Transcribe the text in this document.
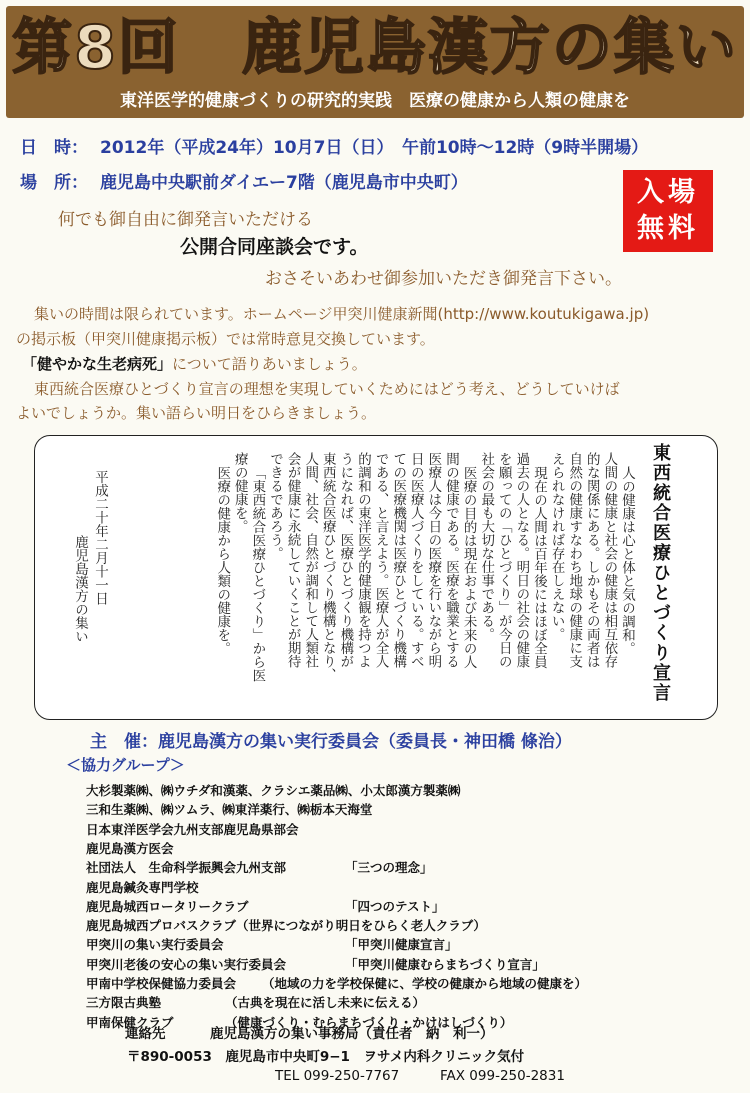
第8回　鹿児島漢方の集い
東洋医学的健康づくりの研究的実践　医療の健康から人類の健康を
日　時： 2012年（平成24年）10月7日（日）　午前10時～12時（9時半開場）
場　所： 鹿児島中央駅前ダイエー7階（鹿児島市中央町）	入場
無料
何でも御自由に御発言いただける
公開合同座談会です。
おさそいあわせ御参加いただき御発言下さい。
集いの時間は限られています。ホームページ甲突川健康新聞(http://www.koutukigawa.jp)
の掲示板（甲突川健康掲示板）では常時意見交換しています。
「健やかな生老病死」について語りあいましょう。
東西統合医療ひとづくり宣言の理想を実現していくためにはどう考え、どうしていけば
よいでしょうか。集い語らい明日をひらきましょう。
東西統合医療ひとづくり宣言
人の健康は心と体と気の調和。
人間の健康と社会の健康は相互依存
的な関係にある。しかもその両者は
自然の健康すなわち地球の健康に支
えられなければ存在しえない。
現在の人間は百年後にはほぼ全員
過去の人となる。明日の社会の健康
を願っての「ひとづくり」が今日の
社会の最も大切な仕事である。
医療の目的は現在および未来の人
間の健康である。医療を職業とする
医療人は今日の医療を行いながら明
日の医療人づくりをしている。すべ
ての医療機関は医療ひとづくり機構
である、と言えよう。医療人が全人
的調和の東洋医学的健康観を持つよ
うになれば、医療ひとづくり機構が
東西統合医療ひとづくり機構となり、
人間、社会、自然が調和して人類社
会が健康に永続していくことが期待
できるであろう。
「東西統合医療ひとづくり」から医
療の健康を。
医療の健康から人類の健康を。
平成二十年二月十一日
鹿児島漢方の集い
主　催：鹿児島漢方の集い実行委員会（委員長・神田橋 條治）
＜協力グループ＞
大杉製薬㈱、㈱ウチダ和漢薬、クラシエ薬品㈱、小太郎漢方製薬㈱
三和生薬㈱、㈱ツムラ、㈱東洋薬行、㈱栃本天海堂
日本東洋医学会九州支部鹿児島県部会
鹿児島漢方医会
社団法人　生命科学振興会九州支部	「三つの理念」
鹿児島鍼灸専門学校
鹿児島城西ロータリークラブ	「四つのテスト」
鹿児島城西プロバスクラブ（世界につながり明日をひらく老人クラブ）
甲突川の集い実行委員会	「甲突川健康宣言」
甲突川老後の安心の集い実行委員会	「甲突川健康むらまちづくり宣言」
甲南中学校保健協力委員会 （地域の力を学校保健に、学校の健康から地域の健康を）
三方限古典塾	（古典を現在に活し未来に伝える）
甲南保健クラブ	（健康づくり・むらまちづくり・かけはしづくり）
連絡先	鹿児島漢方の集い事務局（責任者　納　利一）
〒890-0053　鹿児島市中央町9−1　ヲサメ内科クリニック気付
TEL 099-250-7767	FAX 099-250-2831
